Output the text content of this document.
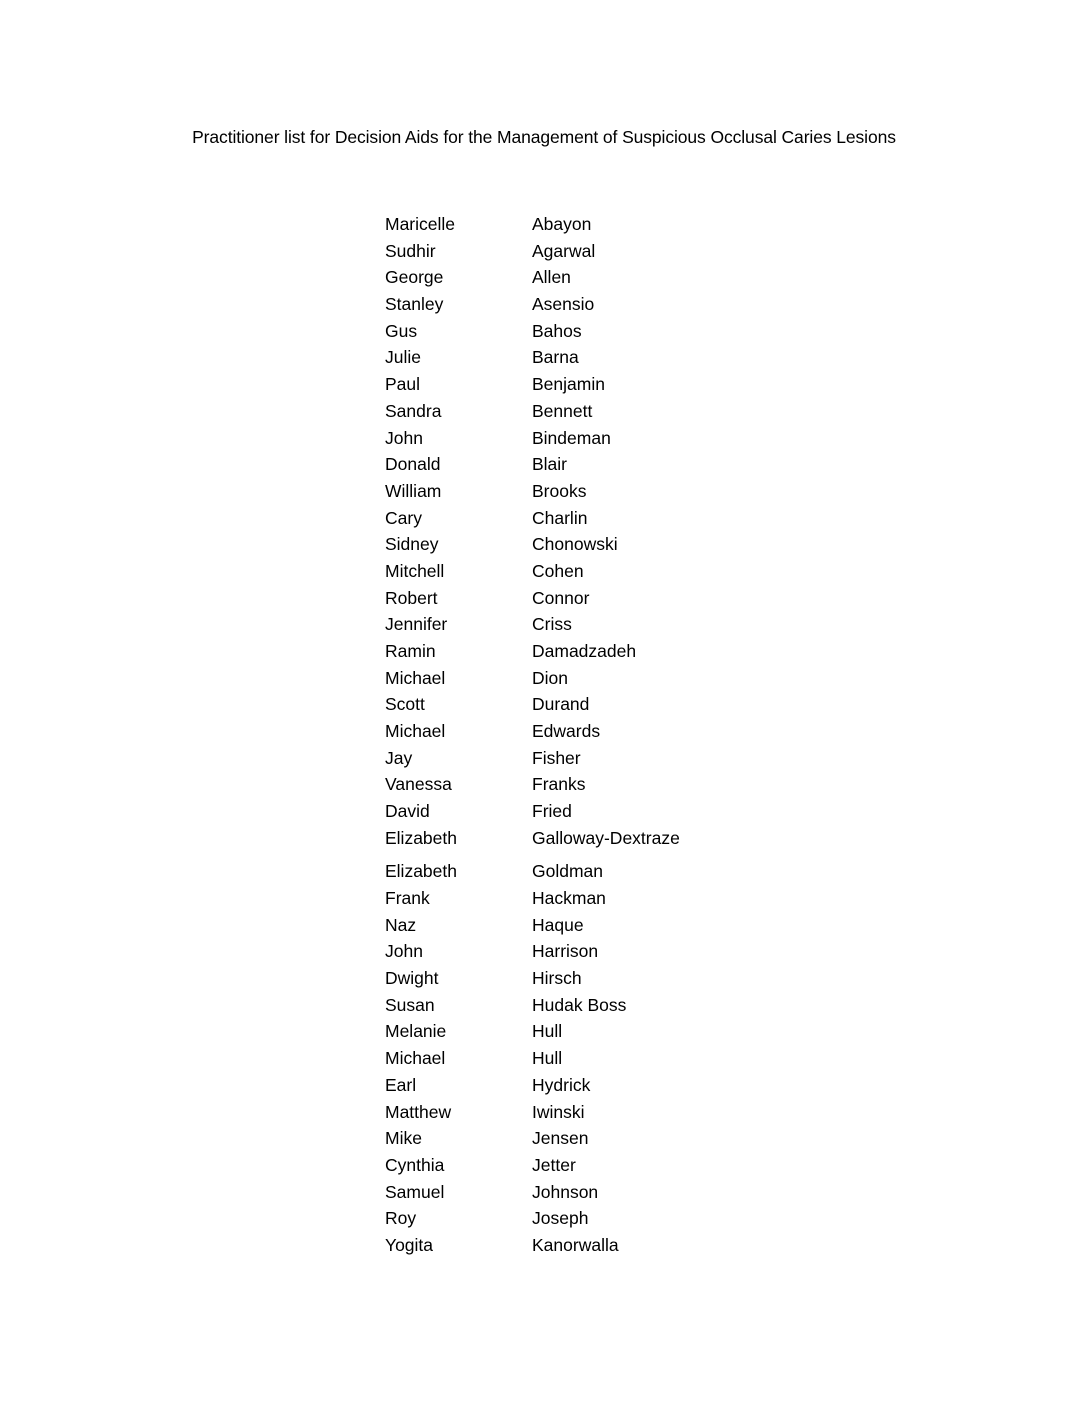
Practitioner list for Decision Aids for the Management of Suspicious Occlusal Caries Lesions
Maricelle	Abayon
Sudhir	Agarwal
George	Allen
Stanley	Asensio
Gus	Bahos
Julie	Barna
Paul	Benjamin
Sandra	Bennett
John	Bindeman
Donald	Blair
William	Brooks
Cary	Charlin
Sidney	Chonowski
Mitchell	Cohen
Robert	Connor
Jennifer	Criss
Ramin	Damadzadeh
Michael	Dion
Scott	Durand
Michael	Edwards
Jay	Fisher
Vanessa	Franks
David	Fried
Elizabeth	Galloway-Dextraze
Elizabeth	Goldman
Frank	Hackman
Naz	Haque
John	Harrison
Dwight	Hirsch
Susan	Hudak Boss
Melanie	Hull
Michael	Hull
Earl	Hydrick
Matthew	Iwinski
Mike	Jensen
Cynthia	Jetter
Samuel	Johnson
Roy	Joseph
Yogita	Kanorwalla
